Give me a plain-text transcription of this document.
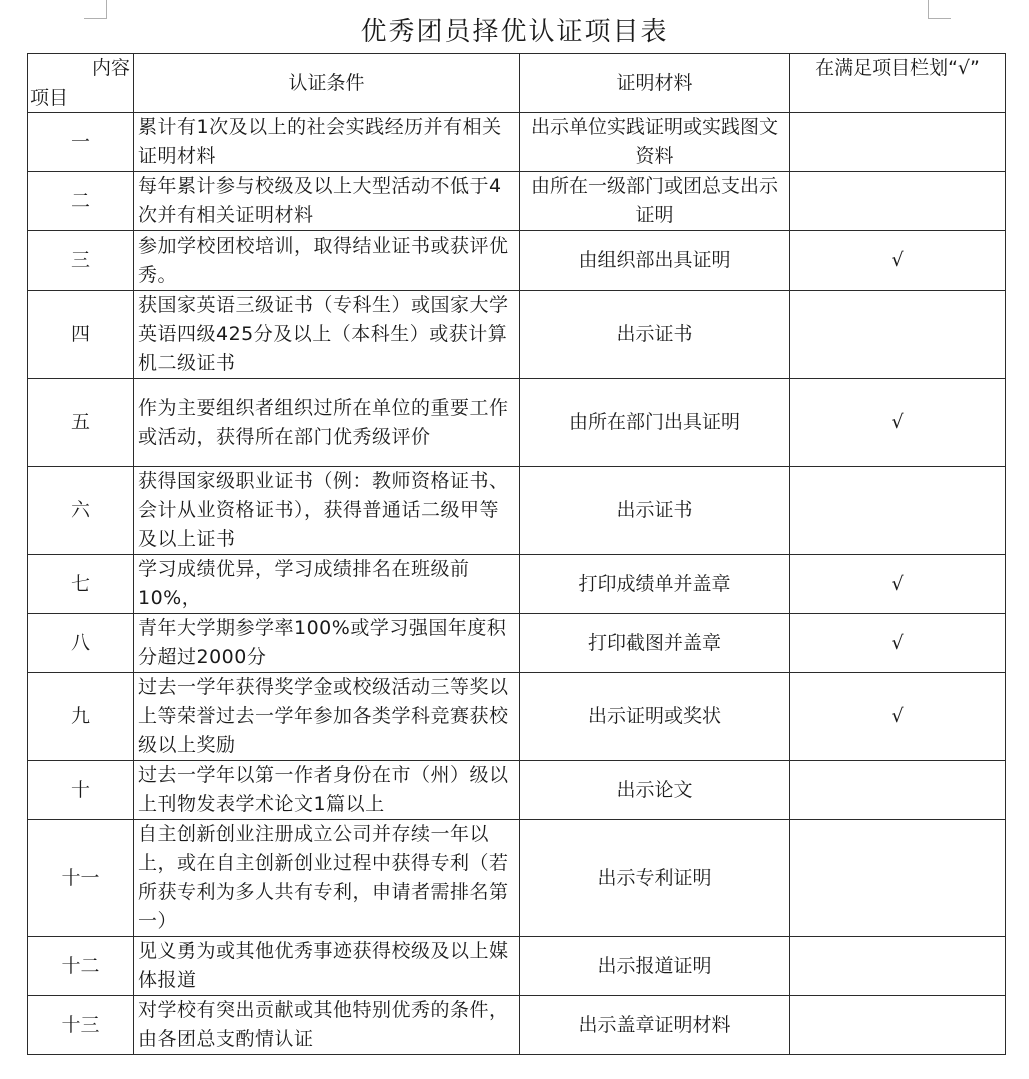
优秀团员择优认证项目表
内容
项目	认证条件	证明材料	在满足项目栏划“√”
一	累计有1次及以上的社会实践经历并有相关证明材料	出示单位实践证明或实践图文资料	
二	每年累计参与校级及以上大型活动不低于4次并有相关证明材料	由所在一级部门或团总支出示证明	
三	参加学校团校培训，取得结业证书或获评优秀。	由组织部出具证明	√
四	获国家英语三级证书（专科生）或国家大学英语四级425分及以上（本科生）或获计算机二级证书	出示证书	
五	作为主要组织者组织过所在单位的重要工作或活动，获得所在部门优秀级评价	由所在部门出具证明	√
六	获得国家级职业证书（例：教师资格证书、会计从业资格证书），获得普通话二级甲等及以上证书	出示证书	
七	学习成绩优异，学习成绩排名在班级前10%，	打印成绩单并盖章	√
八	青年大学期参学率100%或学习强国年度积分超过2000分	打印截图并盖章	√
九	过去一学年获得奖学金或校级活动三等奖以上等荣誉过去一学年参加各类学科竞赛获校级以上奖励	出示证明或奖状	√
十	过去一学年以第一作者身份在市（州）级以上刊物发表学术论文1篇以上	出示论文	
十一	自主创新创业注册成立公司并存续一年以上，或在自主创新创业过程中获得专利（若所获专利为多人共有专利，申请者需排名第一）	出示专利证明	
十二	见义勇为或其他优秀事迹获得校级及以上媒体报道	出示报道证明	
十三	对学校有突出贡献或其他特别优秀的条件，由各团总支酌情认证	出示盖章证明材料	
